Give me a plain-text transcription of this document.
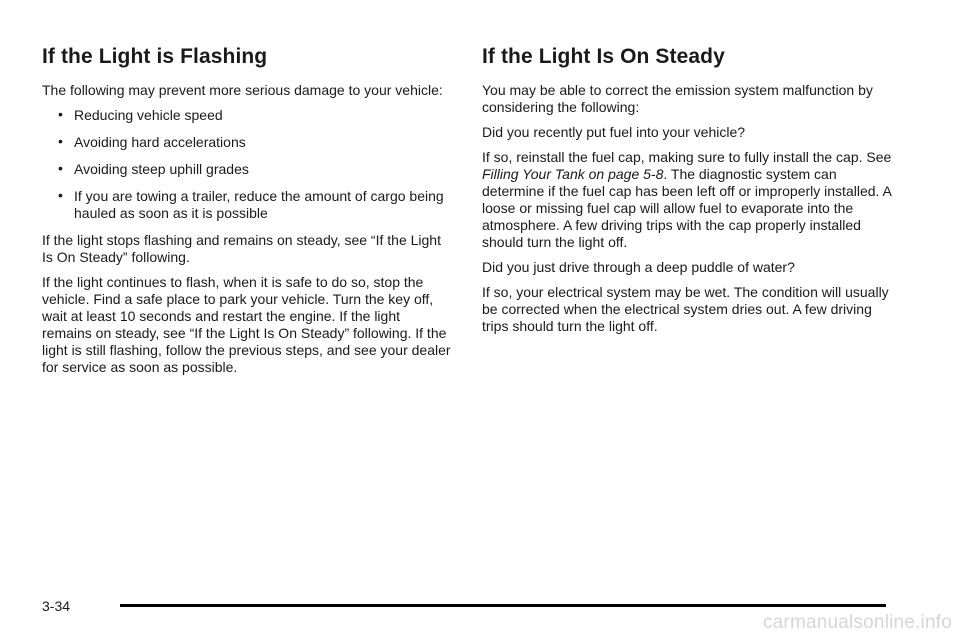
If the Light is Flashing

The following may prevent more serious damage to your vehicle:

• Reducing vehicle speed
• Avoiding hard accelerations
• Avoiding steep uphill grades
• If you are towing a trailer, reduce the amount of cargo being hauled as soon as it is possible

If the light stops flashing and remains on steady, see “If the Light Is On Steady” following.

If the light continues to flash, when it is safe to do so, stop the vehicle. Find a safe place to park your vehicle. Turn the key off, wait at least 10 seconds and restart the engine. If the light remains on steady, see “If the Light Is On Steady” following. If the light is still flashing, follow the previous steps, and see your dealer for service as soon as possible.

If the Light Is On Steady

You may be able to correct the emission system malfunction by considering the following:

Did you recently put fuel into your vehicle?

If so, reinstall the fuel cap, making sure to fully install the cap. See Filling Your Tank on page 5-8. The diagnostic system can determine if the fuel cap has been left off or improperly installed. A loose or missing fuel cap will allow fuel to evaporate into the atmosphere. A few driving trips with the cap properly installed should turn the light off.

Did you just drive through a deep puddle of water?

If so, your electrical system may be wet. The condition will usually be corrected when the electrical system dries out. A few driving trips should turn the light off.

3-34
carmanualsonline.info
